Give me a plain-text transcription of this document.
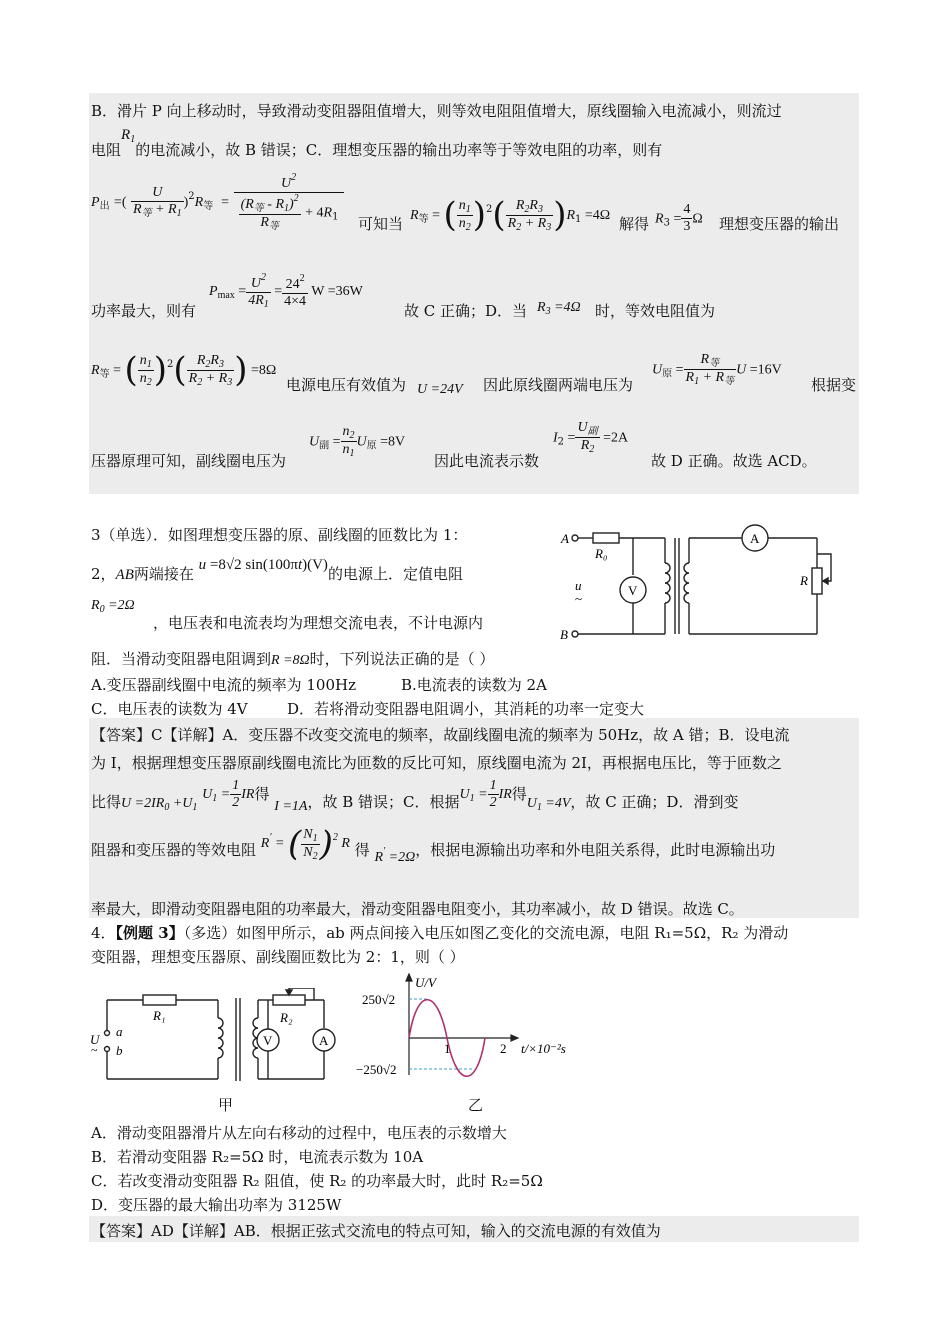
B．滑片 P 向上移动时，导致滑动变阻器阻值增大，则等效电阻阻值增大，原线圈输入电流减小，则流过
电阻$R_1$的电流减小，故 B 错误；C．理想变压器的输出功率等于等效电阻的功率，则有
$P_出$ =( $\frac{U}{R_等 + R_1} )^2R_等 = \frac{U^2}{\frac{(R_等 - R_1)^2}{R_等} + 4R_1}$ 可知当 $R_等$ = ( $\frac{n_1}{n_2} )^2( \frac{R_2R_3}{R_2 + R_3} )R_1 =4\Omega$ 解得 $R_3 = \frac{4}{3}$ Ω 理想变压器的输出
功率最大，则有
$P_{max} = \frac{U^2}{4R_1} = \frac{24^2}{4\times 4}$ W =36W
故 C 正确；D．当 $R_3 =4\Omega$ 时，等效电阻值为
$R_等$ = ( $\frac{n_1}{n_2} )^2( \frac{R_2R_3}{R_2 + R_3}$ ) =8Ω
电源电压有效值为 U =24V 因此原线圈两端电压为
$U_原 = \frac{R_等}{R_1 + R_等}$ U =16V
根据变
压器原理可知，副线圈电压为
$U_副 = \frac{n_2}{n_1} U_原 =8V$
因此电流表示数
$I_2 = \frac{U_副}{R_2} =2A$
故 D 正确。故选 ACD。
3（单选）．如图理想变压器的原、副线圈的匝数比为 1：
2，AB两端接在 u =8√2 sin(100πt)(V)的电源上．定值电阻
$R_0 =2\Omega$
，电压表和电流表均为理想交流电表，不计电源内
阻．当滑动变阻器电阻调到R =8Ω时，下列说法正确的是（ ）
A.变压器副线圈中电流的频率为 100Hz	B.电流表的读数为 2A
C．电压表的读数为 4V	D．若将滑动变阻器电阻调小，其消耗的功率一定变大
【答案】C【详解】A．变压器不改变交流电的频率，故副线圈电流的频率为 50Hz，故 A 错；B．设电流
为 I，根据理想变压器原副线圈电流比为匝数的反比可知，原线圈电流为 2I，再根据电压比，等于匝数之
比得$U =2IR_0 +U_1$ $U_1 = \frac{1}{2}$ IR得 I =1A，故 B 错误；C．根据$U_1 = \frac{1}{2}$ IR得$U_1 =4V$，故 C 正确；D．滑到变
阻器和变压器的等效电阻 R' = ( $\frac{N_1}{N_2} )^2$ R 得 R' =2Ω，根据电源输出功率和外电阻关系得，此时电源输出功
率最大，即滑动变阻器电阻的功率最大，滑动变阻器电阻变小，其功率减小，故 D 错误。故选 C。
A
R₀
u
~
V
A
R
B
4．【例题 3】（多选）如图甲所示，ab 两点间接入电压如图乙变化的交流电源，电阻 R₁=5Ω，R₂ 为滑动
变阻器，理想变压器原、副线圈匝数比为 2：1，则（ ）
R₁	R₂
U
~
a
b
V	A
U/V
250√2
−250√2
1	2 t/×10⁻²s
甲	乙
A．滑动变阻器滑片从左向右移动的过程中，电压表的示数增大
B．若滑动变阻器 R₂=5Ω 时，电流表示数为 10A
C．若改变滑动变阻器 R₂ 阻值，使 R₂ 的功率最大时，此时 R₂=5Ω
D．变压器的最大输出功率为 3125W
【答案】AD【详解】AB．根据正弦式交流电的特点可知，输入的交流电源的有效值为
